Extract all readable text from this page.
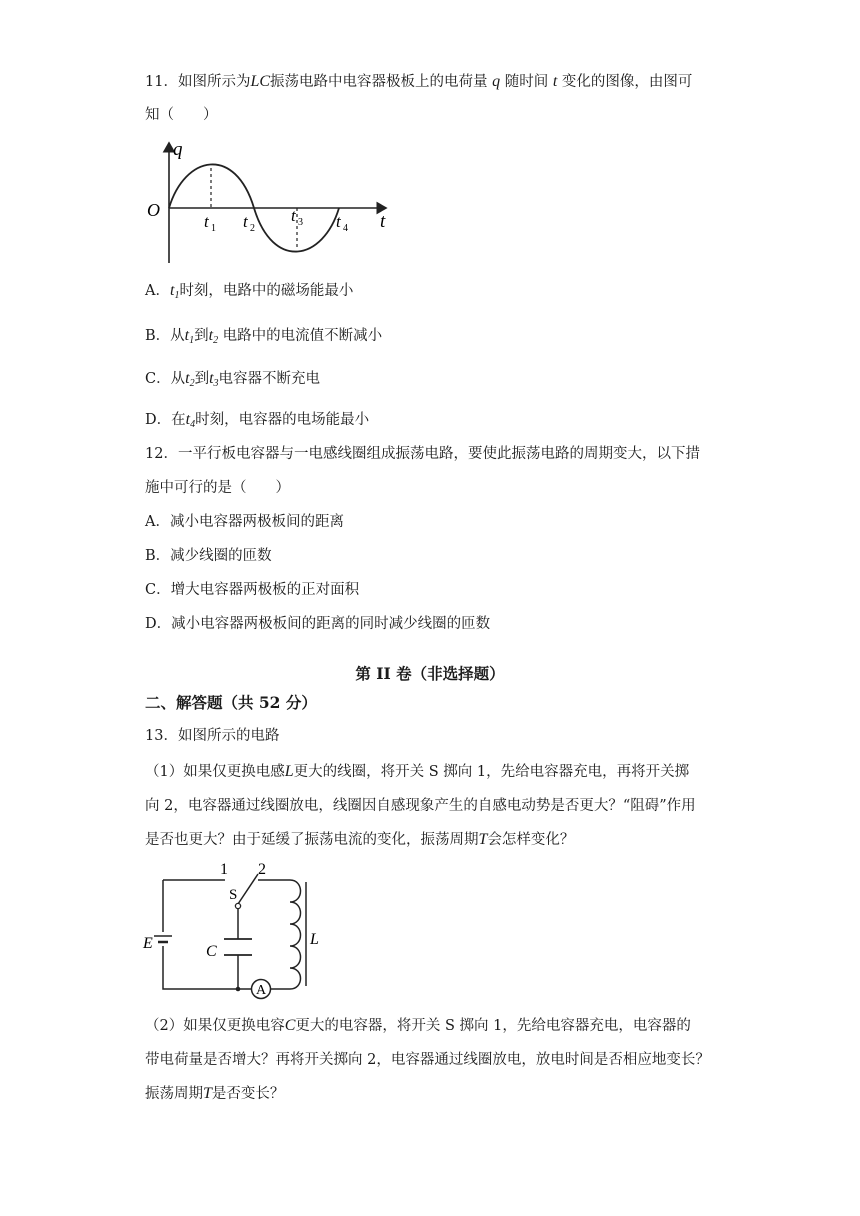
11．如图所示为LC振荡电路中电容器极板上的电荷量 q 随时间 t 变化的图像，由图可
知（　　）
q
t
O
t 1 t 2
t 3 t 4
A．$t_1$时刻，电路中的磁场能最小
B．从$t_1$到$t_2$ 电路中的电流值不断减小
C．从$t_2$到$t_3$电容器不断充电
D．在$t_4$时刻，电容器的电场能最小
12．一平行板电容器与一电感线圈组成振荡电路，要使此振荡电路的周期变大，以下措
施中可行的是（　　）
A．减小电容器两极板间的距离
B．减少线圈的匝数
C．增大电容器两极板的正对面积
D．减小电容器两极板间的距离的同时减少线圈的匝数
第 II 卷（非选择题）
二、解答题（共 52 分）
13．如图所示的电路
（1）如果仅更换电感L更大的线圈，将开关 S 掷向 1，先给电容器充电，再将开关掷
向 2，电容器通过线圈放电，线圈因自感现象产生的自感电动势是否更大？“阻碍”作用
是否也更大？由于延缓了振荡电流的变化，振荡周期T会怎样变化？
A
1 2
S
E	C
L
（2）如果仅更换电容C更大的电容器，将开关 S 掷向 1，先给电容器充电，电容器的
带电荷量是否增大？再将开关掷向 2，电容器通过线圈放电，放电时间是否相应地变长？
振荡周期T是否变长？
